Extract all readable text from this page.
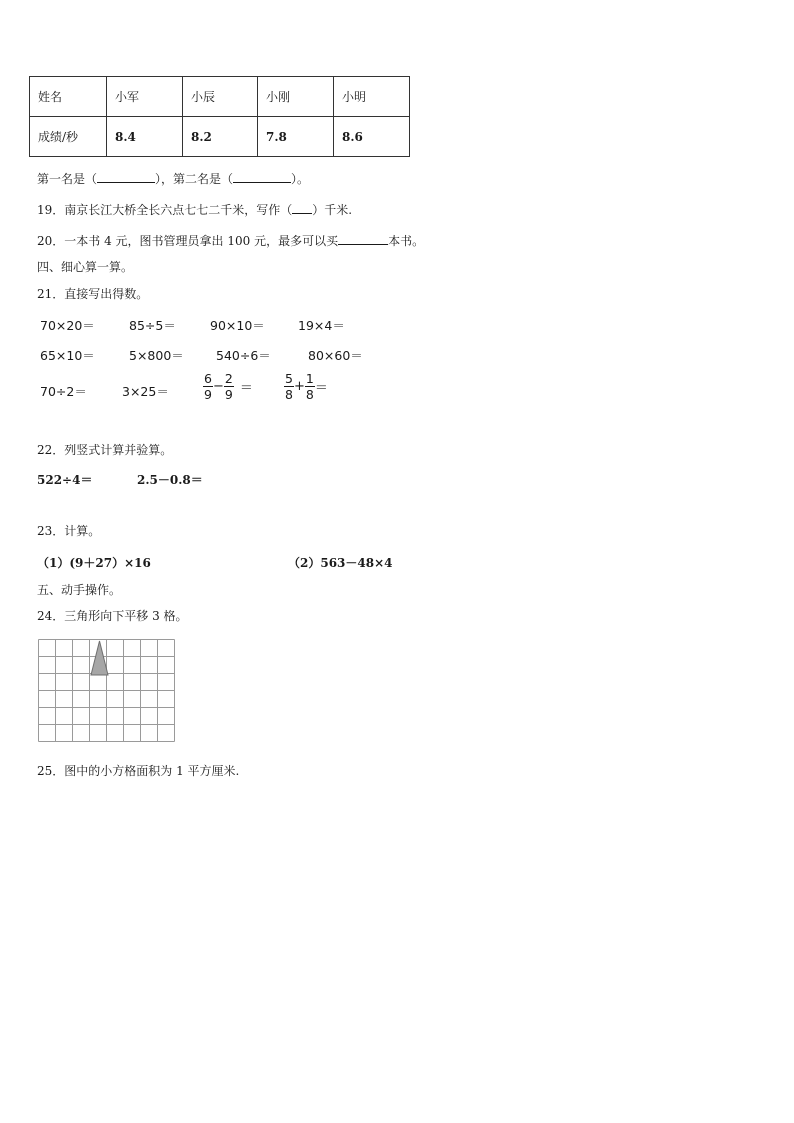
姓名	小军	小辰	小刚	小明
成绩/秒	8.4	8.2	7.8	8.6
第一名是（	），第二名是（	）。
19．南京长江大桥全长六点七七二千米，写作（ ）千米.
20．一本书 4 元，图书管理员拿出 100 元，最多可以买	本书。
四、细心算一算。
21．直接写出得数。
70×20＝	85÷5＝	90×10＝	19×4＝
65×10＝	5×800＝	540÷6＝	80×60＝
70÷2＝	3×25＝	$\frac{6}{9} - \frac{2}{9} = \frac{5}{8} + \frac{1}{8}$ ＝
22．列竖式计算并验算。
522÷4＝	2.5－0.8＝
23．计算。
（1）(9＋27）×16	（2）563－48×4
五、动手操作。
24．三角形向下平移 3 格。
25．图中的小方格面积为 1 平方厘米.
